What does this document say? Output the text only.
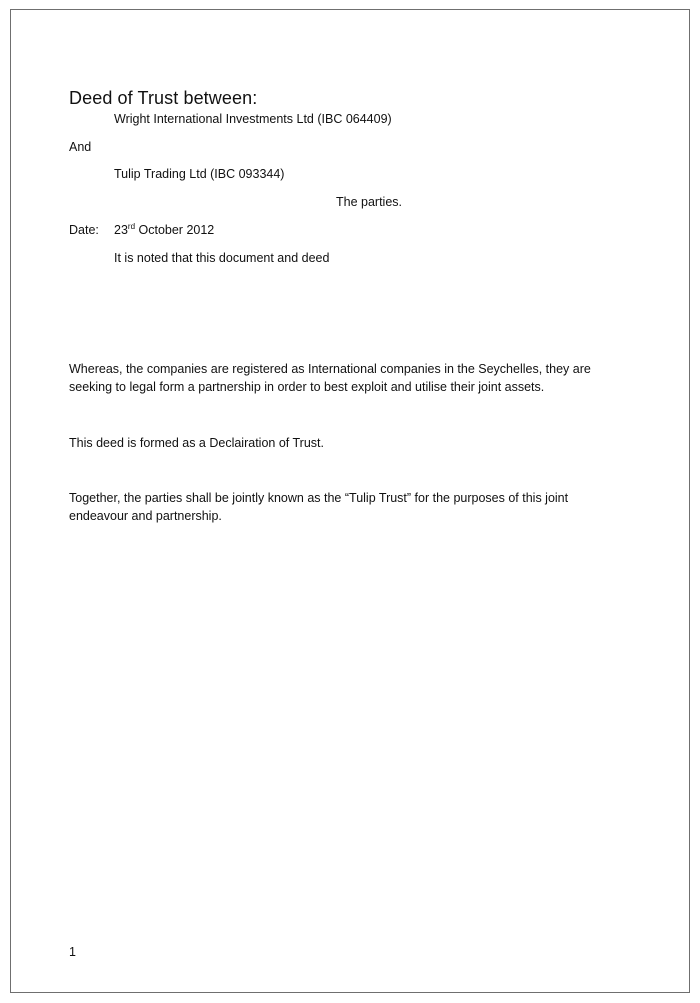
Deed of Trust between:
Wright International Investments Ltd (IBC 064409)
And
Tulip Trading Ltd (IBC 093344)
The parties.
Date: 23rd October 2012
It is noted that this document and deed
Whereas, the companies are registered as International companies in the Seychelles, they are seeking to legal form a partnership in order to best exploit and utilise their joint assets.
This deed is formed as a Declairation of Trust.
Together, the parties shall be jointly known as the “Tulip Trust” for the purposes of this joint endeavour and partnership.
1
